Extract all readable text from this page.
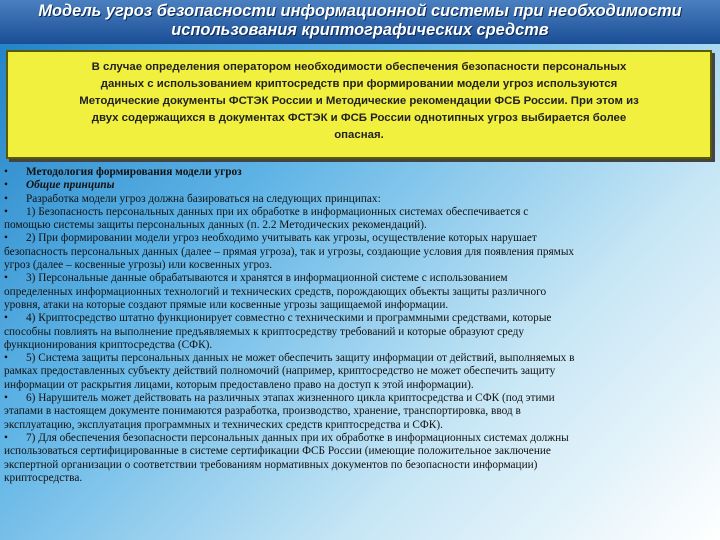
Модель угроз безопасности информационной системы при необходимости
использования криптографических средств
В случае определения оператором необходимости обеспечения безопасности персональных
данных с использованием криптосредств при формировании модели угроз используются
Методические документы ФСТЭК России и Методические рекомендации ФСБ России. При этом из
двух содержащихся в документах ФСТЭК и ФСБ России однотипных угроз выбирается более
опасная.
• Методология формирования модели угроз
• Общие принципы
• Разработка модели угроз должна базироваться на следующих принципах:
• 1) Безопасность персональных данных при их обработке в информационных системах обеспечивается с
помощью системы защиты персональных данных (п. 2.2 Методических рекомендаций).
• 2) При формировании модели угроз необходимо учитывать как угрозы, осуществление которых нарушает
безопасность персональных данных (далее – прямая угроза), так и угрозы, создающие условия для появления прямых
угроз (далее – косвенные угрозы) или косвенных угроз.
• 3) Персональные данные обрабатываются и хранятся в информационной системе с использованием
определенных информационных технологий и технических средств, порождающих объекты защиты различного
уровня, атаки на которые создают прямые или косвенные угрозы защищаемой информации.
• 4) Криптосредство штатно функционирует совместно с техническими и программными средствами, которые
способны повлиять на выполнение предъявляемых к криптосредству требований и которые образуют среду
функционирования криптосредства (СФК).
• 5) Система защиты персональных данных не может обеспечить защиту информации от действий, выполняемых в
рамках предоставленных субъекту действий полномочий (например, криптосредство не может обеспечить защиту
информации от раскрытия лицами, которым предоставлено право на доступ к этой информации).
• 6) Нарушитель может действовать на различных этапах жизненного цикла криптосредства и СФК (под этими
этапами в настоящем документе понимаются разработка, производство, хранение, транспортировка, ввод в
эксплуатацию, эксплуатация программных и технических средств криптосредства и СФК).
• 7) Для обеспечения безопасности персональных данных при их обработке в информационных системах должны
использоваться сертифицированные в системе сертификации ФСБ России (имеющие положительное заключение
экспертной организации о соответствии требованиям нормативных документов по безопасности информации)
криптосредства.
